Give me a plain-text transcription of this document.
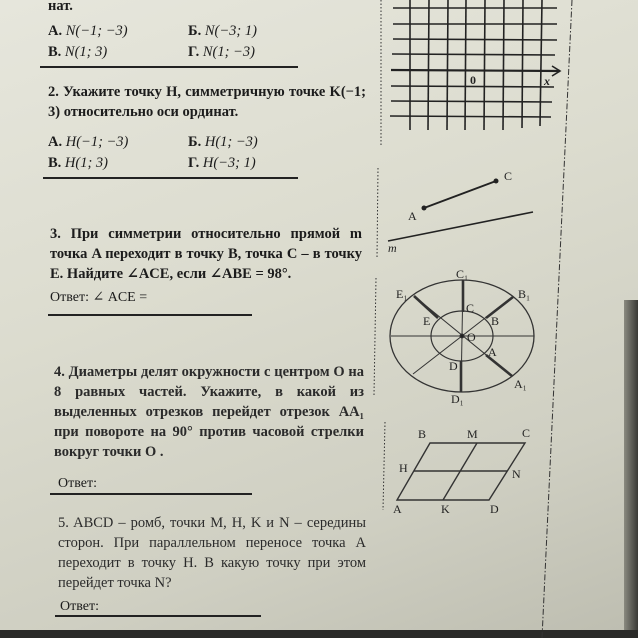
нат.
А. N(−1; −3)	Б. N(−3; 1)
В. N(1; 3)	Г. N(1; −3)
2. Укажите точку H, симметричную точке K(−1; 3) относительно оси ординат.
А. H(−1; −3)	Б. H(1; −3)
В. H(1; 3)	Г. H(−3; 1)
3. При симметрии относительно прямой m точка A переходит в точку B, точка C – в точку E. Найдите ∠ACE, если ∠ABE = 98°.
Ответ: ∠ ACE =
4. Диаметры делят окружности с центром O на 8 равных частей. Укажите, в какой из выделенных отрезков перейдет отрезок AA₁ при повороте на 90° против часовой стрелки вокруг точки O .
Ответ:
5. ABCD – ромб, точки M, H, K и N – середины сторон. При параллельном переносе точка A переходит в точку H. В какую точку при этом перейдет точка N?
Ответ:
0	x
A
C
m
C₁
B₁
E₁
A₁
D₁
C
B
E
A
D
O
B	M	C
H	N
A	K	D
